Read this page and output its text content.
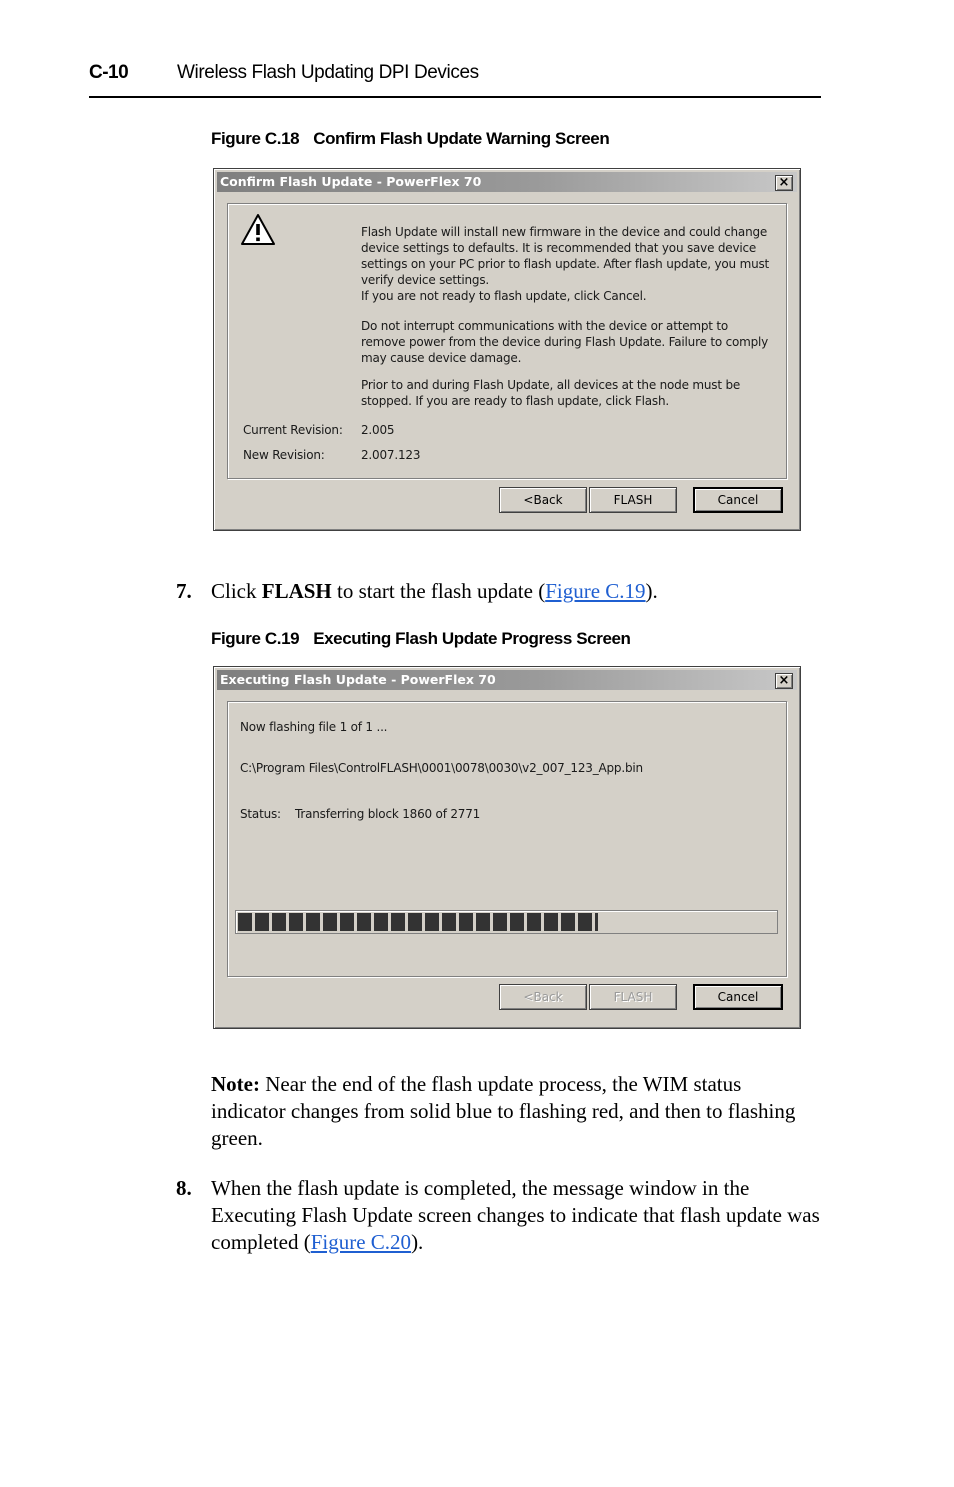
C-10	Wireless Flash Updating DPI Devices
Figure C.18 Confirm Flash Update Warning Screen
Confirm Flash Update - PowerFlex 70	×
Flash Update will install new firmware in the device and could change device settings to defaults. It is recommended that you save device settings on your PC prior to flash update. After flash update, you must verify device settings.
If you are not ready to flash update, click Cancel.
Do not interrupt communications with the device or attempt to remove power from the device during Flash Update. Failure to comply may cause device damage.
Prior to and during Flash Update, all devices at the node must be stopped. If you are ready to flash update, click Flash.
Current Revision: 2.005
New Revision:	2.007.123
<Back	FLASH	Cancel
7. Click FLASH to start the flash update (Figure C.19).
Figure C.19 Executing Flash Update Progress Screen
Executing Flash Update - PowerFlex 70	×
Now flashing file 1 of 1 ...
C:\Program Files\ControlFLASH\0001\0078\0030\v2_007_123_App.bin
Status: Transferring block 1860 of 2771
<Back	FLASH	Cancel
Note: Near the end of the flash update process, the WIM status indicator changes from solid blue to flashing red, and then to flashing green.
8. When the flash update is completed, the message window in the Executing Flash Update screen changes to indicate that flash update was completed (Figure C.20).
